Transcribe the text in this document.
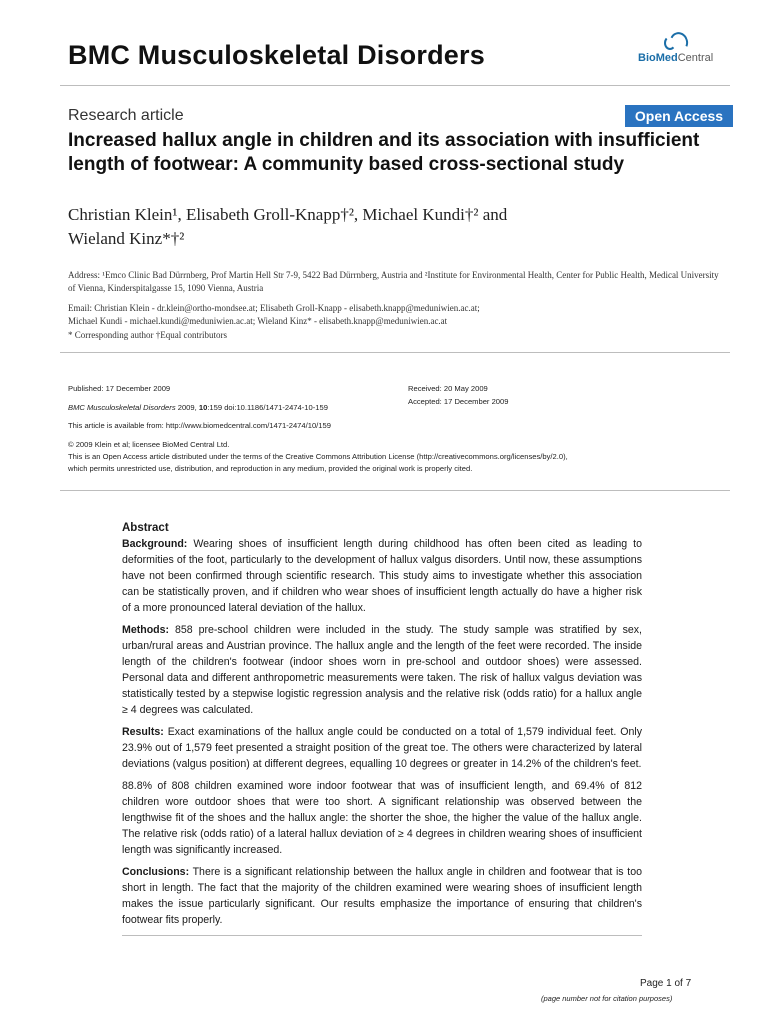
BMC Musculoskeletal Disorders	BioMedCentral
Research article	Open Access
Increased hallux angle in children and its association with insufficient length of footwear: A community based cross-sectional study
Christian Klein¹, Elisabeth Groll-Knapp†², Michael Kundi†² and
Wieland Kinz*†²
Address: ¹Emco Clinic Bad Dürrnberg, Prof Martin Hell Str 7-9, 5422 Bad Dürrnberg, Austria and ²Institute for Environmental Health, Center for Public Health, Medical University of Vienna, Kinderspitalgasse 15, 1090 Vienna, Austria
Email: Christian Klein - dr.klein@ortho-mondsee.at; Elisabeth Groll-Knapp - elisabeth.knapp@meduniwien.ac.at;
Michael Kundi - michael.kundi@meduniwien.ac.at; Wieland Kinz* - elisabeth.knapp@meduniwien.ac.at
* Corresponding author †Equal contributors
Published: 17 December 2009
BMC Musculoskeletal Disorders 2009, 10:159 doi:10.1186/1471-2474-10-159
Received: 20 May 2009
Accepted: 17 December 2009
This article is available from: http://www.biomedcentral.com/1471-2474/10/159
© 2009 Klein et al; licensee BioMed Central Ltd.
This is an Open Access article distributed under the terms of the Creative Commons Attribution License (http://creativecommons.org/licenses/by/2.0),
which permits unrestricted use, distribution, and reproduction in any medium, provided the original work is properly cited.
Abstract

Background: Wearing shoes of insufficient length during childhood has often been cited as leading to deformities of the foot, particularly to the development of hallux valgus disorders. Until now, these assumptions have not been confirmed through scientific research. This study aims to investigate whether this association can be statistically proven, and if children who wear shoes of insufficient length actually do have a higher risk of a more pronounced lateral deviation of the hallux.

Methods: 858 pre-school children were included in the study. The study sample was stratified by sex, urban/rural areas and Austrian province. The hallux angle and the length of the feet were recorded. The inside length of the children's footwear (indoor shoes worn in pre-school and outdoor shoes) were assessed. Personal data and different anthropometric measurements were taken. The risk of hallux valgus deviation was statistically tested by a stepwise logistic regression analysis and the relative risk (odds ratio) for a hallux angle ≥ 4 degrees was calculated.

Results: Exact examinations of the hallux angle could be conducted on a total of 1,579 individual feet. Only 23.9% out of 1,579 feet presented a straight position of the great toe. The others were characterized by lateral deviations (valgus position) at different degrees, equalling 10 degrees or greater in 14.2% of the children's feet.

88.8% of 808 children examined wore indoor footwear that was of insufficient length, and 69.4% of 812 children wore outdoor shoes that were too short. A significant relationship was observed between the lengthwise fit of the shoes and the hallux angle: the shorter the shoe, the higher the value of the hallux angle. The relative risk (odds ratio) of a lateral hallux deviation of ≥ 4 degrees in children wearing shoes of insufficient length was significantly increased.

Conclusions: There is a significant relationship between the hallux angle in children and footwear that is too short in length. The fact that the majority of the children examined were wearing shoes of insufficient length makes the issue particularly significant. Our results emphasize the importance of ensuring that children's footwear fits properly.

Page 1 of 7
(page number not for citation purposes)
